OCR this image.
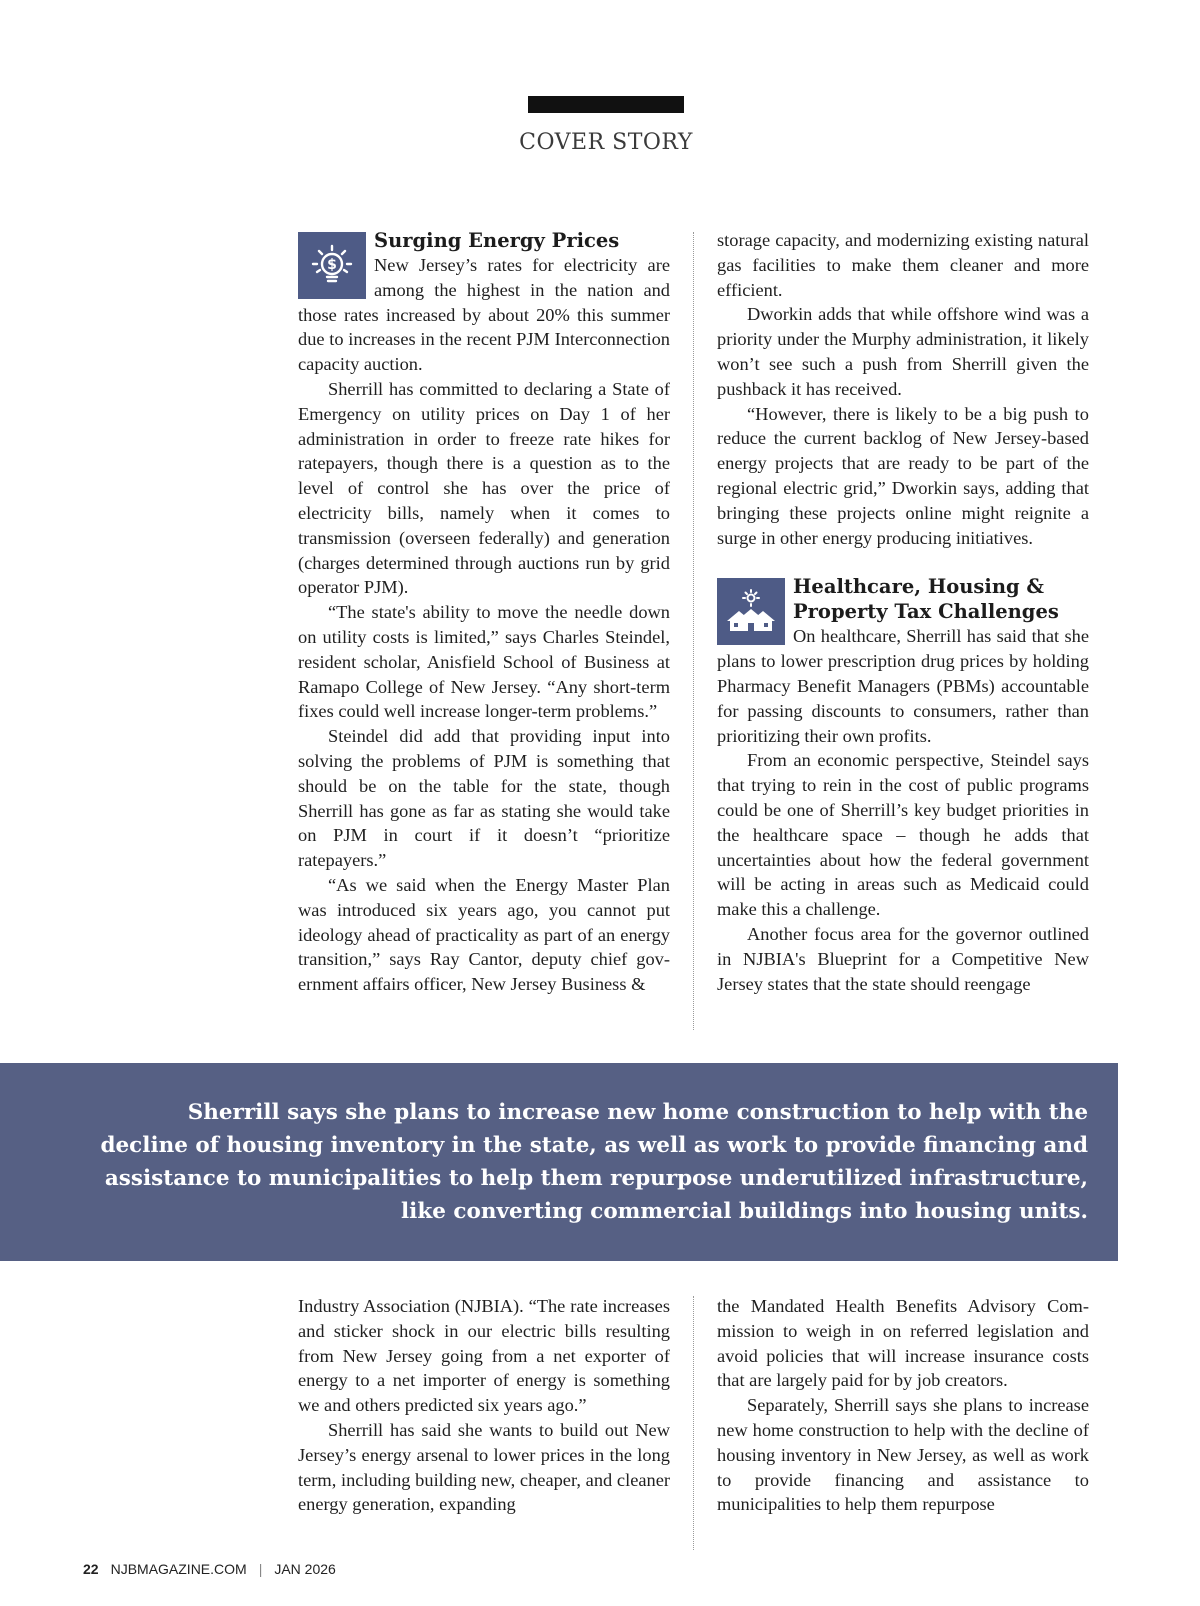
COVER STORY
$
Surging Energy Prices

New Jersey’s rates for electricity are among the highest in the nation and those rates increased by about 20% this summer due to increases in the recent PJM Interconnection capacity auction.

Sherrill has committed to declaring a State of Emergency on utility prices on Day 1 of her administration in order to freeze rate hikes for ratepayers, though there is a question as to the level of control she has over the price of electricity bills, namely when it comes to transmission (overseen federally) and generation (charges determined through auctions run by grid operator PJM).

“The state's ability to move the needle down on utility costs is limited,” says Charles Steindel, resident scholar, Anisfield School of Business at Ramapo College of New Jersey. “Any short-term fixes could well increase longer-term problems.”

Steindel did add that providing input into solving the problems of PJM is something that should be on the table for the state, though Sherrill has gone as far as stating she would take on PJM in court if it doesn’t “prioritize ratepayers.”

“As we said when the Energy Master Plan was introduced six years ago, you cannot put ideology ahead of practicality as part of an energy transition,” says Ray Cantor, deputy chief government affairs officer, New Jersey Business &

storage capacity, and modernizing existing natural gas facilities to make them cleaner and more efficient.

Dworkin adds that while offshore wind was a priority under the Murphy administration, it likely won’t see such a push from Sherrill given the pushback it has received.

“However, there is likely to be a big push to reduce the current backlog of New Jersey-based energy projects that are ready to be part of the regional electric grid,” Dworkin says, adding that bringing these projects online might reignite a surge in other energy producing initiatives.

Healthcare, Housing &
Property Tax Challenges

On healthcare, Sherrill has said that she plans to lower prescription drug prices by holding Pharmacy Benefit Managers (PBMs) accountable for passing discounts to consumers, rather than prioritizing their own profits.

From an economic perspective, Steindel says that trying to rein in the cost of public programs could be one of Sherrill’s key budget priorities in the healthcare space – though he adds that uncertainties about how the federal government will be acting in areas such as Medicaid could make this a challenge.

Another focus area for the governor outlined in NJBIA's Blueprint for a Competitive New Jersey states that the state should reengage

Sherrill says she plans to increase new home construction to help with the
decline of housing inventory in the state, as well as work to provide financing and
assistance to municipalities to help them repurpose underutilized infrastructure,
like converting commercial buildings into housing units.

Industry Association (NJBIA). “The rate increases and sticker shock in our electric bills resulting from New Jersey going from a net exporter of energy to a net importer of energy is something we and others predicted six years ago.”

Sherrill has said she wants to build out New Jersey’s energy arsenal to lower prices in the long term, including building new, cheaper, and cleaner energy generation, expanding

the Mandated Health Benefits Advisory Commission to weigh in on referred legislation and avoid policies that will increase insurance costs that are largely paid for by job creators.

Separately, Sherrill says she plans to increase new home construction to help with the decline of housing inventory in New Jersey, as well as work to provide financing and assistance to municipalities to help them repurpose

22 NJBMAGAZINE.COM | JAN 2026
